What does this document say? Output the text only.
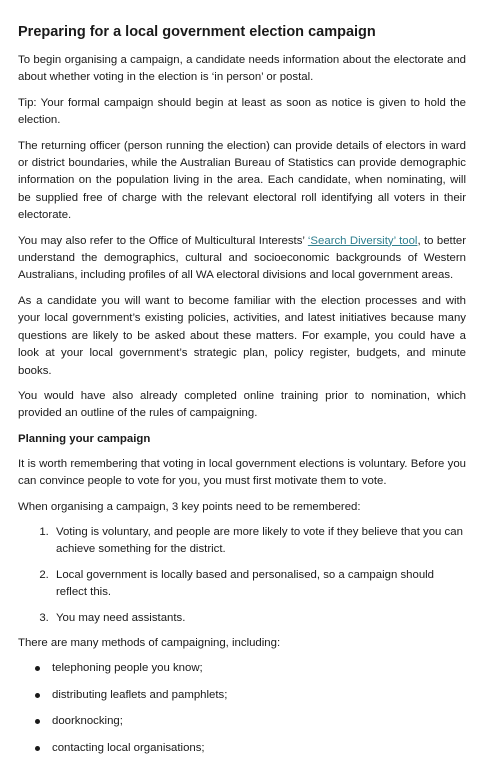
Preparing for a local government election campaign

To begin organising a campaign, a candidate needs information about the electorate and about whether voting in the election is ‘in person’ or postal.

Tip: Your formal campaign should begin at least as soon as notice is given to hold the election.

The returning officer (person running the election) can provide details of electors in ward or district boundaries, while the Australian Bureau of Statistics can provide demographic information on the population living in the area. Each candidate, when nominating, will be supplied free of charge with the relevant electoral roll identifying all voters in their electorate.

You may also refer to the Office of Multicultural Interests’ ‘Search Diversity’ tool, to better understand the demographics, cultural and socioeconomic backgrounds of Western Australians, including profiles of all WA electoral divisions and local government areas.

As a candidate you will want to become familiar with the election processes and with your local government’s existing policies, activities, and latest initiatives because many questions are likely to be asked about these matters. For example, you could have a look at your local government’s strategic plan, policy register, budgets, and minute books.

You would have also already completed online training prior to nomination, which provided an outline of the rules of campaigning.

Planning your campaign

It is worth remembering that voting in local government elections is voluntary. Before you can convince people to vote for you, you must first motivate them to vote.

When organising a campaign, 3 key points need to be remembered:

1. Voting is voluntary, and people are more likely to vote if they believe that you can achieve something for the district.
2. Local government is locally based and personalised, so a campaign should reflect this.
3. You may need assistants.

There are many methods of campaigning, including:

telephoning people you know;
distributing leaflets and pamphlets;
doorknocking;
contacting local organisations;
